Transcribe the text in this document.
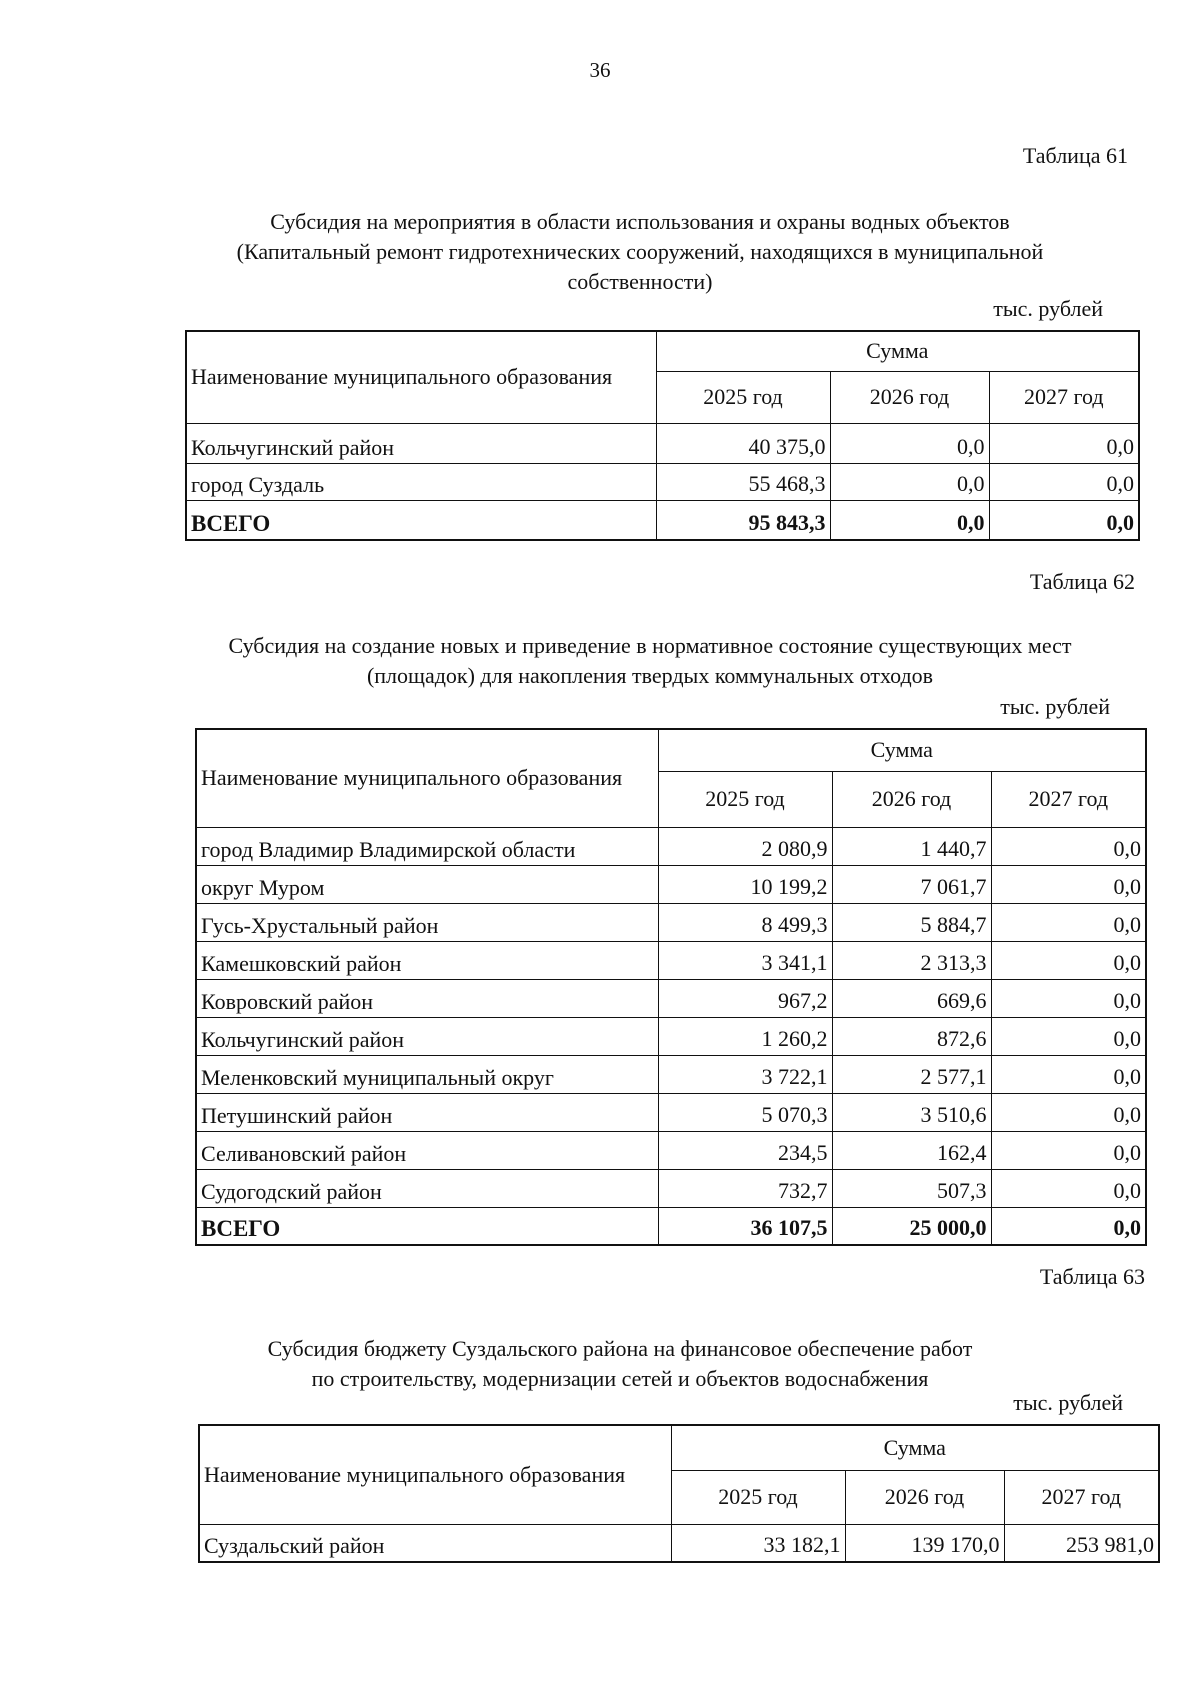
36
Таблица 61
Субсидия на мероприятия в области использования и охраны водных объектов
(Капитальный ремонт гидротехнических сооружений, находящихся в муниципальной
собственности)
тыс. рублей
Наименование муниципального образования	Сумма		
	2025 год	2026 год	2027 год
Кольчугинский район	40 375,0	0,0	0,0
город Суздаль	55 468,3	0,0	0,0
ВСЕГО	95 843,3	0,0	0,0
Таблица 62
Субсидия на создание новых и приведение в нормативное состояние существующих мест
(площадок) для накопления твердых коммунальных отходов
тыс. рублей
Наименование муниципального образования	Сумма		
	2025 год	2026 год	2027 год
город Владимир Владимирской области	2 080,9	1 440,7	0,0
округ Муром	10 199,2	7 061,7	0,0
Гусь-Хрустальный район	8 499,3	5 884,7	0,0
Камешковский район	3 341,1	2 313,3	0,0
Ковровский район	967,2	669,6	0,0
Кольчугинский район	1 260,2	872,6	0,0
Меленковский муниципальный округ	3 722,1	2 577,1	0,0
Петушинский район	5 070,3	3 510,6	0,0
Селивановский район	234,5	162,4	0,0
Судогодский район	732,7	507,3	0,0
ВСЕГО	36 107,5	25 000,0	0,0
Таблица 63
Субсидия бюджету Суздальского района на финансовое обеспечение работ
по строительству, модернизации сетей и объектов водоснабжения
тыс. рублей
Наименование муниципального образования	Сумма		
	2025 год	2026 год	2027 год
Суздальский район	33 182,1	139 170,0	253 981,0
